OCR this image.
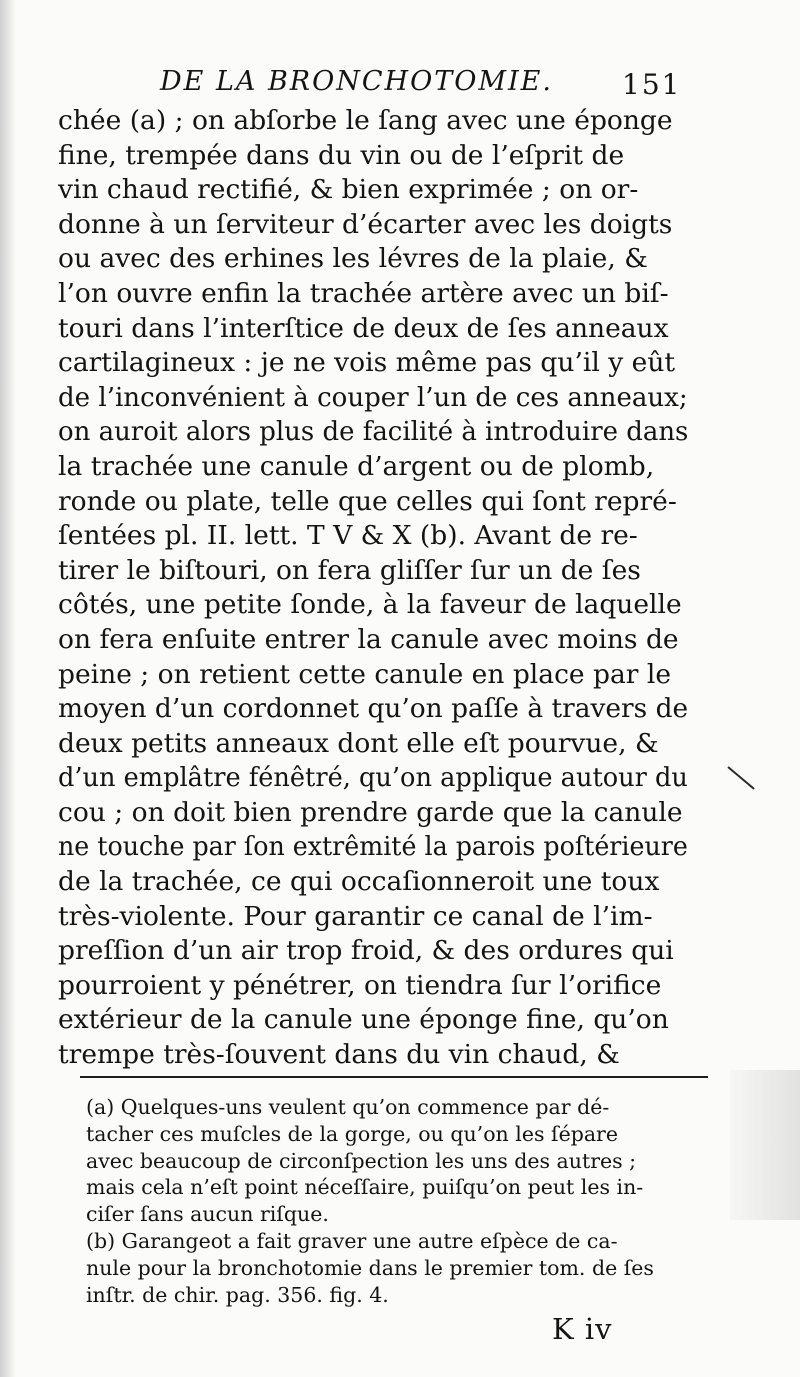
DE LA BRONCHOTOMIE. 151
chée (a) ; on abſorbe le ſang avec une éponge
fine, trempée dans du vin ou de l’eſprit de
vin chaud rectifié, & bien exprimée ; on or-
donne à un ſerviteur d’écarter avec les doigts
ou avec des erhines les lévres de la plaie, &
l’on ouvre enfin la trachée artère avec un biſ-
touri dans l’interſtice de deux de ſes anneaux
cartilagineux : je ne vois même pas qu’il y eût
de l’inconvénient à couper l’un de ces anneaux;
on auroit alors plus de facilité à introduire dans
la trachée une canule d’argent ou de plomb,
ronde ou plate, telle que celles qui ſont repré-
ſentées pl. II. lett. T V & X (b). Avant de re-
tirer le biſtouri, on fera gliſſer ſur un de ſes
côtés, une petite ſonde, à la faveur de laquelle
on fera enſuite entrer la canule avec moins de
peine ; on retient cette canule en place par le
moyen d’un cordonnet qu’on paſſe à travers de
deux petits anneaux dont elle eſt pourvue, &
d’un emplâtre fénêtré, qu’on applique autour du
cou ; on doit bien prendre garde que la canule
ne touche par ſon extrêmité la parois poſtérieure
de la trachée, ce qui occaſionneroit une toux
très-violente. Pour garantir ce canal de l’im-
preſſion d’un air trop froid, & des ordures qui
pourroient y pénétrer, on tiendra ſur l’orifice
extérieur de la canule une éponge fine, qu’on
trempe très-ſouvent dans du vin chaud, &
(a) Quelques-uns veulent qu’on commence par dé-
tacher ces muſcles de la gorge, ou qu’on les ſépare
avec beaucoup de circonſpection les uns des autres ;
mais cela n’eſt point néceſſaire, puiſqu’on peut les in-
ciſer ſans aucun riſque.
(b) Garangeot a fait graver une autre eſpèce de ca-
nule pour la bronchotomie dans le premier tom. de ſes
inſtr. de chir. pag. 356. fig. 4.
K iv
